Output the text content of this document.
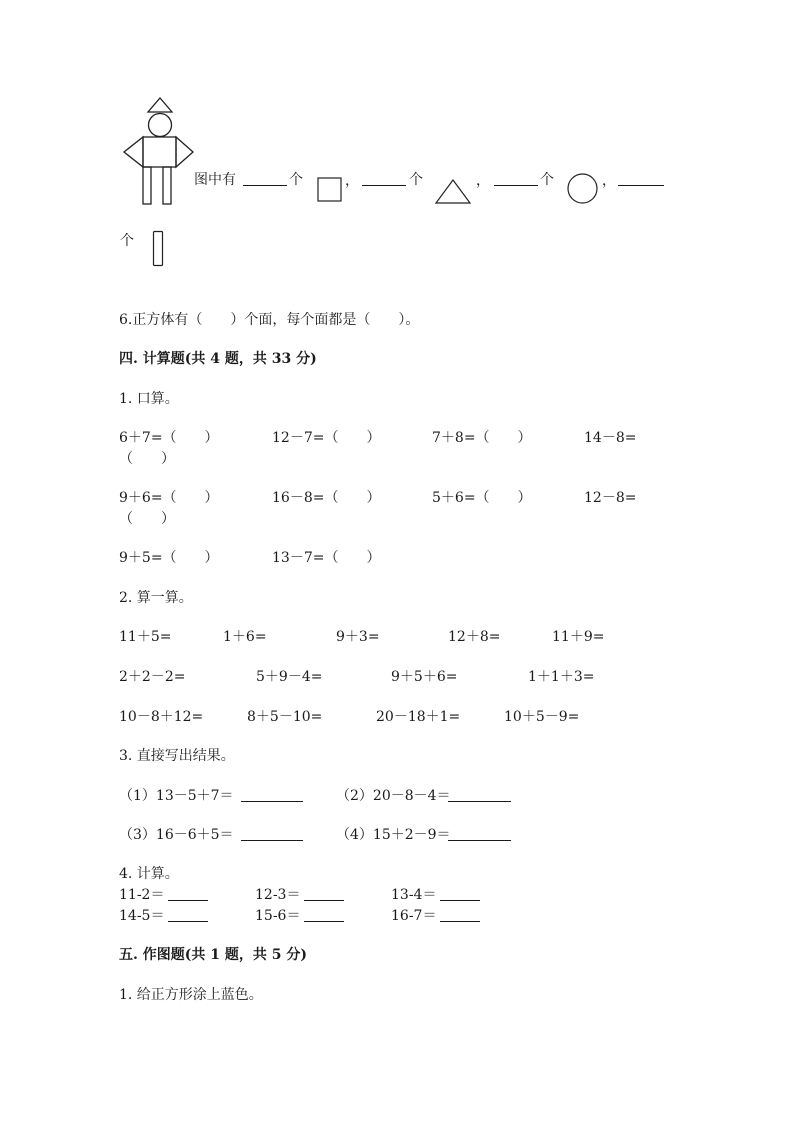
图中有	个	，	个	，	个	，
个
6.正方体有（　　）个面，每个面都是（　　）。
四. 计算题(共 4 题，共 33 分)
1. 口算。
6＋7=（　　）	12－7=（　　）	7＋8=（　　）	14－8=
（　　）
9＋6=（　　）	16－8=（　　）	5＋6=（　　）	12－8=
（　　）
9＋5=（　　）	13－7=（　　）
2. 算一算。
11＋5=	1＋6=	9＋3=	12＋8=	11＋9=
2＋2－2=	5＋9－4=	9＋5＋6=	1＋1＋3=
10－8＋12=	8＋5－10=	20－18＋1=	10＋5－9=
3. 直接写出结果。
（1）13－5＋7＝	（2）20－8－4＝
（3）16－6＋5＝	（4）15＋2－9＝
4. 计算。
11-2＝	12-3＝	13-4＝
14-5＝	15-6＝	16-7＝
五. 作图题(共 1 题，共 5 分)
1. 给正方形涂上蓝色。
